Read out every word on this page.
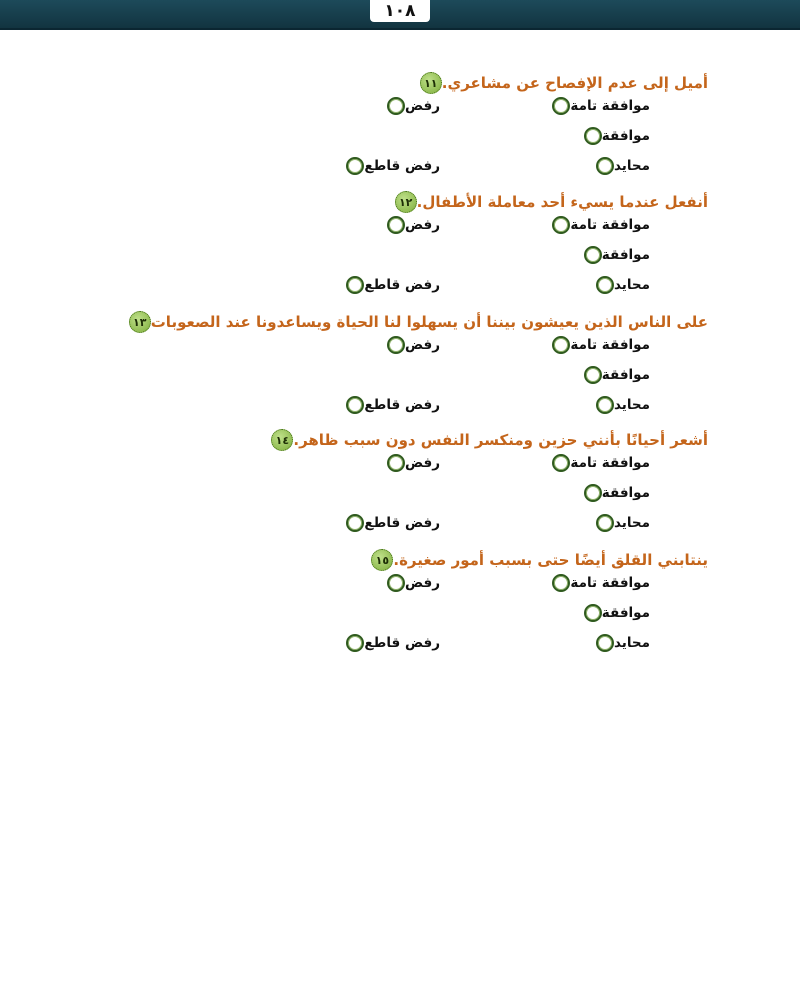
١٠٨
١١ أميل إلى عدم الإفصاح عن مشاعري.
موافقة تامة
موافقة
محايد
رفض
رفض قاطع
١٢ أنفعل عندما يسيء أحد معاملة الأطفال.
موافقة تامة
موافقة
محايد
رفض
رفض قاطع
١٣ على الناس الذين يعيشون بيننا أن يسهلوا لنا الحياة ويساعدونا عند الصعوبات
موافقة تامة
موافقة
محايد
رفض
رفض قاطع
١٤ أشعر أحيانًا بأنني حزين ومنكسر النفس دون سبب ظاهر.
موافقة تامة
موافقة
محايد
رفض
رفض قاطع
١٥ ينتابني القلق أيضًا حتى بسبب أمور صغيرة.
موافقة تامة
موافقة
محايد
رفض
رفض قاطع
